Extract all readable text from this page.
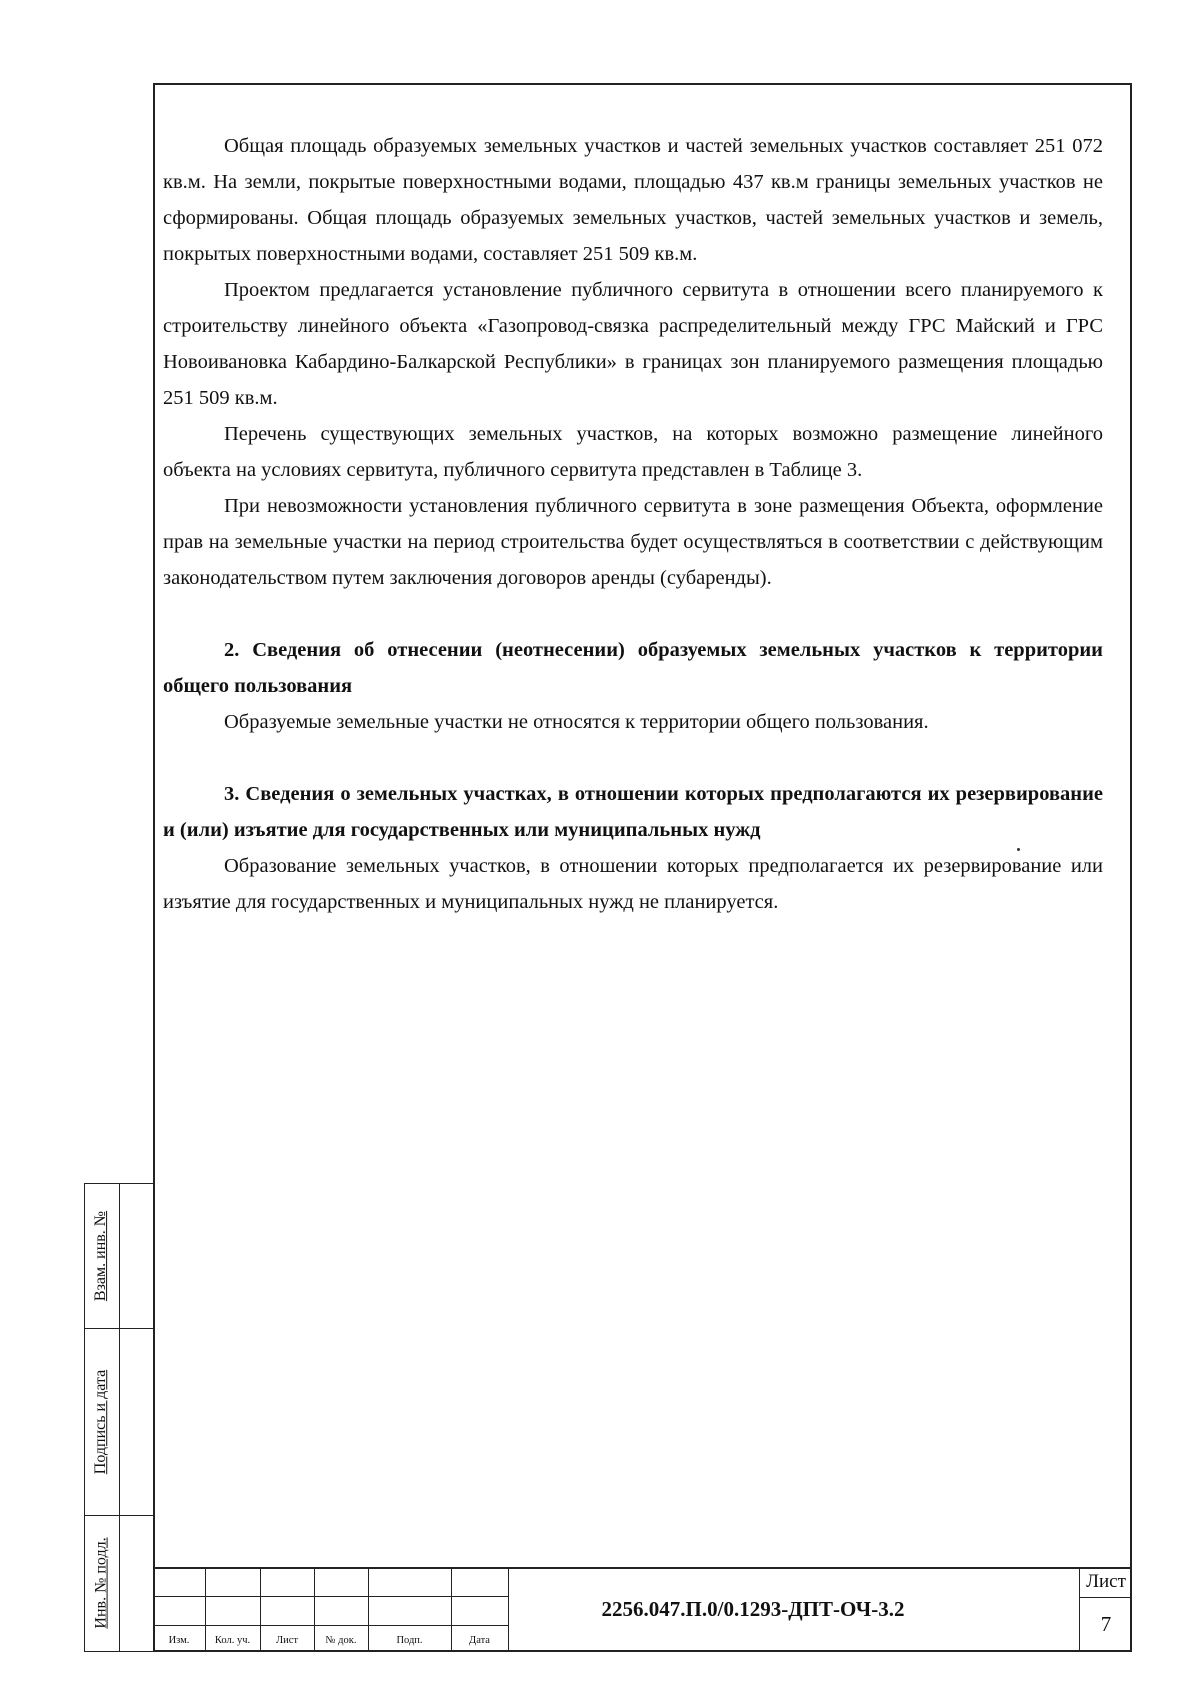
Общая площадь образуемых земельных участков и частей земельных участков составляет 251 072 кв.м. На земли, покрытые поверхностными водами, площадью 437 кв.м границы земельных участков не сформированы. Общая площадь образуемых земельных участков, частей земельных участков и земель, покрытых поверхностными водами, составляет 251 509 кв.м.

Проектом предлагается установление публичного сервитута в отношении всего планируемого к строительству линейного объекта «Газопровод-связка распределительный между ГРС Майский и ГРС Новоивановка Кабардино-Балкарской Республики» в границах зон планируемого размещения площадью 251 509 кв.м.

Перечень существующих земельных участков, на которых возможно размещение линейного объекта на условиях сервитута, публичного сервитута представлен в Таблице 3.

При невозможности установления публичного сервитута в зоне размещения Объекта, оформление прав на земельные участки на период строительства будет осуществляться в соответствии с действующим законодательством путем заключения договоров аренды (субаренды).

2. Сведения об отнесении (неотнесении) образуемых земельных участков к территории общего пользования

Образуемые земельные участки не относятся к территории общего пользования.

3. Сведения о земельных участках, в отношении которых предполагаются их резервирование и (или) изъятие для государственных или муниципальных нужд

Образование земельных участков, в отношении которых предполагается их резервирование или изъятие для государственных и муниципальных нужд не планируется.

Взам. инв. №
Подпись и дата
Инв. № подл.
Изм.	Кол. уч.	Лист	№ док.	Подп.	Дата
2256.047.П.0/0.1293-ДПТ-ОЧ-3.2
Лист
7
